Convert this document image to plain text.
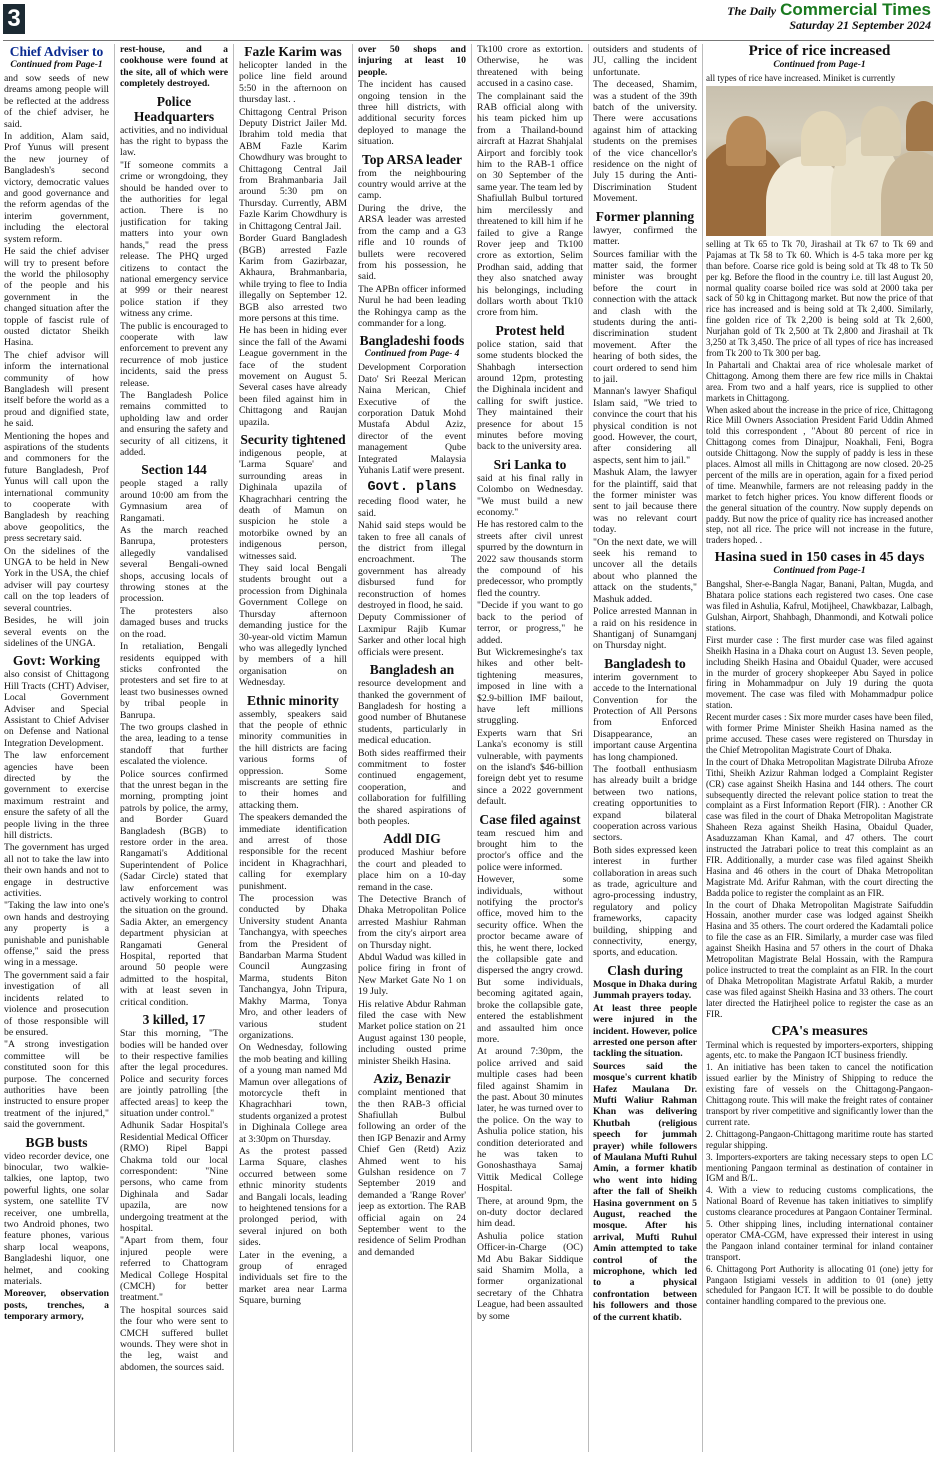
3	The Daily Commercial Times
Saturday 21 September 2024
Chief Adviser to
Continued from Page-1

and sow seeds of new dreams among people will be reflected at the address of the chief adviser, he said.

In addition, Alam said, Prof Yunus will present the new journey of Bangladesh's second victory, democratic values and good governance and the reform agendas of the interim government, including the electoral system reform.

He said the chief adviser will try to present before the world the philosophy of the people and his government in the changed situation after the topple of fascist rule of ousted dictator Sheikh Hasina.

The chief advisor will inform the international community of how Bangladesh will present itself before the world as a proud and dignified state, he said.

Mentioning the hopes and aspirations of the students and commoners for the future Bangladesh, Prof Yunus will call upon the international community to cooperate with Bangladesh by reaching above geopolitics, the press secretary said.

On the sidelines of the UNGA to be held in New York in the USA, the chief adviser will pay courtesy call on the top leaders of several countries.

Besides, he will join several events on the sidelines of the UNGA.

Govt: Working

also consist of Chittagong Hill Tracts (CHT) Adviser, Local Government Adviser and Special Assistant to Chief Adviser on Defense and National Integration Development.

The law enforcement agencies have been directed by the government to exercise maximum restraint and ensure the safety of all the people living in the three hill districts.

The government has urged all not to take the law into their own hands and not to engage in destructive activities.

"Taking the law into one's own hands and destroying any property is a punishable and punishable offense," said the press wing in a message.

The government said a fair investigation of all incidents related to violence and prosecution of those responsible will be ensured.

"A strong investigation committee will be constituted soon for this purpose. The concerned authorities have been instructed to ensure proper treatment of the injured," said the government.

BGB busts

video recorder device, one binocular, two walkie-talkies, one laptop, two powerful lights, one solar system, one satellite TV receiver, one umbrella, two Android phones, two feature phones, various sharp local weapons, Bangladeshi liquor, one helmet, and cooking materials.

Moreover, observation posts, trenches, a temporary armory,

rest-house, and a cookhouse were found at the site, all of which were completely destroyed.

Police Headquarters

activities, and no individual has the right to bypass the law.

"If someone commits a crime or wrongdoing, they should be handed over to the authorities for legal action. There is no justification for taking matters into your own hands," read the press release. The PHQ urged citizens to contact the national emergency service at 999 or their nearest police station if they witness any crime.

The public is encouraged to cooperate with law enforcement to prevent any recurrence of mob justice incidents, said the press release.

The Bangladesh Police remains committed to upholding law and order and ensuring the safety and security of all citizens, it added.

Section 144

people staged a rally around 10:00 am from the Gymnasium area of Rangamati.

As the march reached Banrupa, protesters allegedly vandalised several Bengali-owned shops, accusing locals of throwing stones at the procession.

The protesters also damaged buses and trucks on the road.

In retaliation, Bengali residents equipped with sticks confronted the protesters and set fire to at least two businesses owned by tribal people in Banrupa.

The two groups clashed in the area, leading to a tense standoff that further escalated the violence.

Police sources confirmed that the unrest began in the morning, prompting joint patrols by police, the army, and Border Guard Bangladesh (BGB) to restore order in the area. Rangamati's Additional Superintendent of Police (Sadar Circle) stated that law enforcement was actively working to control the situation on the ground. Sadia Akter, an emergency department physician at Rangamati General Hospital, reported that around 50 people were admitted to the hospital, with at least seven in critical condition.

3 killed, 17

Star this morning, "The bodies will be handed over to their respective families after the legal procedures. Police and security forces are jointly patrolling [the affected areas] to keep the situation under control."

Adhunik Sadar Hospital's Residential Medical Officer (RMO) Ripel Bappi Chakma told our local correspondent: "Nine persons, who came from Dighinala and Sadar upazila, are now undergoing treatment at the hospital.

"Apart from them, four injured people were referred to Chattogram Medical College Hospital (CMCH) for better treatment."

The hospital sources said the four who were sent to CMCH suffered bullet wounds. They were shot in the leg, waist and abdomen, the sources said.

Fazle Karim was

helicopter landed in the police line field around 5:50 in the afternoon on thursday last. .

Chittagong Central Prison Deputy District Jailer Md. Ibrahim told media that ABM Fazle Karim Chowdhury was brought to Chittagong Central Jail from Brahmanbaria Jail around 5:30 pm on Thursday. Currently, ABM Fazle Karim Chowdhury is in Chittagong Central Jail.

Border Guard Bangladesh (BGB) arrested Fazle Karim from Gazirbazar, Akhaura, Brahmanbaria, while trying to flee to India illegally on September 12. BGB also arrested two more persons at this time.

He has been in hiding ever since the fall of the Awami League government in the face of the student movement on August 5. Several cases have already been filed against him in Chittagong and Raujan upazila.

Security tightened

indigenous people, at 'Larma Square' and surrounding areas in Dighinala upazila of Khagrachhari centring the death of Mamun on suspicion he stole a motorbike owned by an indigenous person, witnesses said.

They said local Bengali students brought out a procession from Dighinala Government College on Thursday afternoon demanding justice for the 30-year-old victim Mamun who was allegedly lynched by members of a hill organisation on Wednesday.

Ethnic minority

assembly, speakers said that the people of ethnic minority communities in the hill districts are facing various forms of oppression. Some miscreants are setting fire to their homes and attacking them.

The speakers demanded the immediate identification and arrest of those responsible for the recent incident in Khagrachhari, calling for exemplary punishment.

The procession was conducted by Dhaka University student Ananta Tanchangya, with speeches from the President of Bandarban Marma Student Council Aungzasing Marma, students Biton Tanchangya, John Tripura, Makhy Marma, Tonya Mro, and other leaders of various student organizations.

On Wednesday, following the mob beating and killing of a young man named Md Mamun over allegations of motorcycle theft in Khagrachhari town, students organized a protest in Dighinala College area at 3:30pm on Thursday.

As the protest passed Larma Square, clashes occurred between some ethnic minority students and Bangali locals, leading to heightened tensions for a prolonged period, with several injured on both sides.

Later in the evening, a group of enraged individuals set fire to the market area near Larma Square, burning

over 50 shops and injuring at least 10 people.

The incident has caused ongoing tension in the three hill districts, with additional security forces deployed to manage the situation.

Top ARSA leader

from the neighbouring country would arrive at the camp.

During the drive, the ARSA leader was arrested from the camp and a G3 rifle and 10 rounds of bullets were recovered from his possession, he said.

The APBn officer informed Nurul he had been leading the Rohingya camp as the commander for a long.

Bangladeshi foods
Continued from Page- 4

Development Corporation Dato' Sri Reezal Merican Naina Merican, Chief Executive of the corporation Datuk Mohd Mustafa Abdul Aziz, director of the event management Qube Integrated Malaysia Yuhanis Latif were present.

Govt. plans

receding flood water, he said.

Nahid said steps would be taken to free all canals of the district from illegal encroachment. The government has already disbursed fund for reconstruction of homes destroyed in flood, he said.

Deputy Commissioner of Laxmipur Rajib Kumar Sarker and other local high officials were present.

Bangladesh an

resource development and thanked the government of Bangladesh for hosting a good number of Bhutanese students, particularly in medical education.

Both sides reaffirmed their commitment to foster continued engagement, cooperation, and collaboration for fulfilling the shared aspirations of both peoples.

Addl DIG

produced Mashiur before the court and pleaded to place him on a 10-day remand in the case.

The Detective Branch of Dhaka Metropolitan Police arrested Mashiur Rahman from the city's airport area on Thursday night.

Abdul Wadud was killed in police firing in front of New Market Gate No 1 on 19 July.

His relative Abdur Rahman filed the case with New Market police station on 21 August against 130 people, including ousted prime minister Sheikh Hasina.

Aziz, Benazir

complaint mentioned that the then RAB-3 official Shafiullah Bulbul following an order of the then IGP Benazir and Army Chief Gen (Retd) Aziz Ahmed went to his Gulshan residence on 7 September 2019 and demanded a 'Range Rover' jeep as extortion. The RAB official again on 24 September went to the residence of Selim Prodhan and demanded

Tk100 crore as extortion. Otherwise, he was threatened with being accused in a casino case.

The complainant said the RAB official along with his team picked him up from a Thailand-bound aircraft at Hazrat Shahjalal Airport and forcibly took him to the RAB-1 office on 30 September of the same year. The team led by Shafiullah Bulbul tortured him mercilessly and threatened to kill him if he failed to give a Range Rover jeep and Tk100 crore as extortion, Selim Prodhan said, adding that they also snatched away his belongings, including dollars worth about Tk10 crore from him.

Protest held

police station, said that some students blocked the Shahbagh intersection around 12pm, protesting the Dighinala incident and calling for swift justice. They maintained their presence for about 15 minutes before moving back to the university area.

Sri Lanka to

said at his final rally in Colombo on Wednesday. "We must build a new economy."

He has restored calm to the streets after civil unrest spurred by the downturn in 2022 saw thousands storm the compound of his predecessor, who promptly fled the country.

"Decide if you want to go back to the period of terror, or progress," he added.

But Wickremesinghe's tax hikes and other belt-tightening measures, imposed in line with a $2.9-billion IMF bailout, have left millions struggling.

Experts warn that Sri Lanka's economy is still vulnerable, with payments on the island's $46-billion foreign debt yet to resume since a 2022 government default.

Case filed against

team rescued him and brought him to the proctor's office and the police were informed.

However, some individuals, without notifying the proctor's office, moved him to the security office. When the proctor became aware of this, he went there, locked the collapsible gate and dispersed the angry crowd. But some individuals, becoming agitated again, broke the collapsible gate, entered the establishment and assaulted him once more.

At around 7:30pm, the police arrived and said multiple cases had been filed against Shamim in the past. About 30 minutes later, he was turned over to the police. On the way to Ashulia police station, his condition deteriorated and he was taken to Gonoshasthaya Samaj Vittik Medical College Hospital.

There, at around 9pm, the on-duty doctor declared him dead.

Ashulia police station Officer-in-Charge (OC) Md Abu Bakar Siddique said Shamim Molla, a former organizational secretary of the Chhatra League, had been assaulted by some

outsiders and students of JU, calling the incident unfortunate.

The deceased, Shamim, was a student of the 39th batch of the university. There were accusations against him of attacking students on the premises of the vice chancellor's residence on the night of July 15 during the Anti-Discrimination Student Movement.

Former planning

lawyer, confirmed the matter.

Sources familiar with the matter said, the former minister was brought before the court in connection with the attack and clash with the students during the anti-discrimination student movement. After the hearing of both sides, the court ordered to send him to jail.

Mannan's lawyer Shafiqul Islam said, "We tried to convince the court that his physical condition is not good. However, the court, after considering all aspects, sent him to jail."

Mashuk Alam, the lawyer for the plaintiff, said that the former minister was sent to jail because there was no relevant court today.

"On the next date, we will seek his remand to uncover all the details about who planned the attack on the students," Mashuk added.

Police arrested Mannan in a raid on his residence in Shantiganj of Sunamganj on Thursday night.

Bangladesh to

interim government to accede to the International Convention for the Protection of All Persons from Enforced Disappearance, an important cause Argentina has long championed.

The football enthusiasm has already built a bridge between two nations, creating opportunities to expand bilateral cooperation across various sectors.

Both sides expressed keen interest in further collaboration in areas such as trade, agriculture and agro-processing industry, regulatory and policy frameworks, capacity building, shipping and connectivity, energy, sports, and education.

Clash during

Mosque in Dhaka during Jummah prayers today.

At least three people were injured in the incident. However, police arrested one person after tackling the situation.

Sources said the mosque's current khatib Hafez Maulana Dr. Mufti Waliur Rahman Khan was delivering Khutbah (religious speech for jummah prayer) while followers of Maulana Mufti Ruhul Amin, a former khatib who went into hiding after the fall of Sheikh Hasina government on 5 August, reached the mosque. After his arrival, Mufti Ruhul Amin attempted to take control of the microphone, which led to a physical confrontation between his followers and those of the current khatib.

Price of rice increased
Continued from Page-1

all types of rice have increased. Miniket is currently

selling at Tk 65 to Tk 70, Jirashail at Tk 67 to Tk 69 and Pajamas at Tk 58 to Tk 60. Which is 4-5 taka more per kg than before. Coarse rice gold is being sold at Tk 48 to Tk 50 per kg. Before the flood in the country i.e. till last August 20, normal quality coarse boiled rice was sold at 2000 taka per sack of 50 kg in Chittagong market. But now the price of that rice has increased and is being sold at Tk 2,400. Similarly, fine golden rice of Tk 2,200 is being sold at Tk 2,600, Nurjahan gold of Tk 2,500 at Tk 2,800 and Jirashail at Tk 3,250 at Tk 3,450. The price of all types of rice has increased from Tk 200 to Tk 300 per bag.

In Pahartali and Chaktai area of rice wholesale market of Chittagong. Among them there are few rice mills in Chaktai area. From two and a half years, rice is supplied to other markets in Chittagong.

When asked about the increase in the price of rice, Chittagong Rice Mill Owners Association President Farid Uddin Ahmed told this correspondent , "About 80 percent of rice in Chittagong comes from Dinajpur, Noakhali, Feni, Bogra outside Chittagong. Now the supply of paddy is less in these places. Almost all mills in Chittagong are now closed. 20-25 percent of the mills are in operation, again for a fixed period of time. Meanwhile, farmers are not releasing paddy in the market to fetch higher prices. You know different floods or the general situation of the country. Now supply depends on paddy. But now the price of quality rice has increased another step, not all rice. The price will not increase in the future, traders hoped. .

Hasina sued in 150 cases in 45 days
Continued from Page-1

Bangshal, Sher-e-Bangla Nagar, Banani, Paltan, Mugda, and Bhatara police stations each registered two cases. One case was filed in Ashulia, Kafrul, Motijheel, Chawkbazar, Lalbagh, Gulshan, Airport, Shahbagh, Dhanmondi, and Kotwali police stations.

First murder case : The first murder case was filed against Sheikh Hasina in a Dhaka court on August 13. Seven people, including Sheikh Hasina and Obaidul Quader, were accused in the murder of grocery shopkeeper Abu Sayed in police firing in Mohammadpur on July 19 during the quota movement. The case was filed with Mohammadpur police station.

Recent murder cases : Six more murder cases have been filed, with former Prime Minister Sheikh Hasina named as the prime accused. These cases were registered on Thursday in the Chief Metropolitan Magistrate Court of Dhaka.

In the court of Dhaka Metropolitan Magistrate Dilruba Afroze Tithi, Sheikh Azizur Rahman lodged a Complaint Register (CR) case against Sheikh Hasina and 144 others. The court subsequently directed the relevant police station to treat the complaint as a First Information Report (FIR). : Another CR case was filed in the court of Dhaka Metropolitan Magistrate Shaheen Reza against Sheikh Hasina, Obaidul Quader, Asaduzzaman Khan Kamal, and 47 others. The court instructed the Jatrabari police to treat this complaint as an FIR. Additionally, a murder case was filed against Sheikh Hasina and 46 others in the court of Dhaka Metropolitan Magistrate Md. Arifur Rahman, with the court directing the Badda police to register the complaint as an FIR.

In the court of Dhaka Metropolitan Magistrate Saifuddin Hossain, another murder case was lodged against Sheikh Hasina and 35 others. The court ordered the Kadamtali police to file the case as an FIR. Similarly, a murder case was filed against Sheikh Hasina and 57 others in the court of Dhaka Metropolitan Magistrate Belal Hossain, with the Rampura police instructed to treat the complaint as an FIR. In the court of Dhaka Metropolitan Magistrate Arfatul Rakib, a murder case was filed against Sheikh Hasina and 33 others. The court later directed the Hatirjheel police to register the case as an FIR.

CPA's measures

Terminal which is requested by importers-exporters, shipping agents, etc. to make the Pangaon ICT business friendly.

1. An initiative has been taken to cancel the notification issued earlier by the Ministry of Shipping to reduce the existing fare of vessels on the Chittagong-Pangaon-Chittagong route. This will make the freight rates of container transport by river competitive and significantly lower than the current rate.

2. Chittagong-Pangaon-Chittagong maritime route has started regular shipping.

3. Importers-exporters are taking necessary steps to open LC mentioning Pangaon terminal as destination of container in IGM and B/L.

4. With a view to reducing customs complications, the National Board of Revenue has taken initiatives to simplify customs clearance procedures at Pangaon Container Terminal.

5. Other shipping lines, including international container operator CMA-CGM, have expressed their interest in using the Pangaon inland container terminal for inland container transport.

6. Chittagong Port Authority is allocating 01 (one) jetty for Pangaon Istigiami vessels in addition to 01 (one) jetty scheduled for Pangaon ICT. It will be possible to do double container handling compared to the previous one.
